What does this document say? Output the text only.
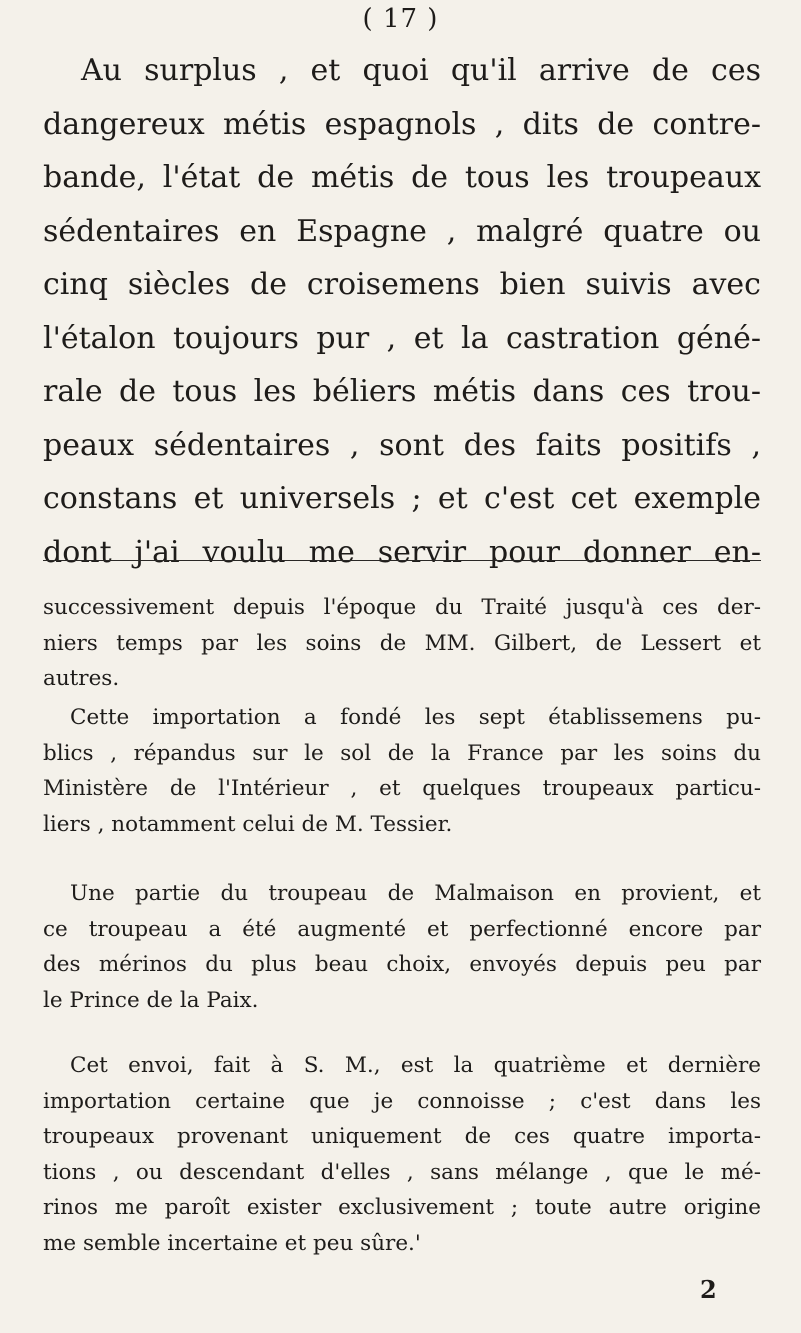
( 17 )
Au surplus , et quoi qu'il arrive de ces
dangereux métis espagnols , dits de contre-
bande, l'état de métis de tous les troupeaux
sédentaires en Espagne , malgré quatre ou
cinq siècles de croisemens bien suivis avec
l'étalon toujours pur , et la castration géné-
rale de tous les béliers métis dans ces trou-
peaux sédentaires , sont des faits positifs ,
constans et universels ; et c'est cet exemple
dont j'ai voulu me servir pour donner en-
successivement depuis l'époque du Traité jusqu'à ces der-
niers temps par les soins de MM. Gilbert, de Lessert et
autres.
Cette importation a fondé les sept établissemens pu-
blics , répandus sur le sol de la France par les soins du
Ministère de l'Intérieur , et quelques troupeaux particu-
liers , notamment celui de M. Tessier.
Une partie du troupeau de Malmaison en provient, et
ce troupeau a été augmenté et perfectionné encore par
des mérinos du plus beau choix, envoyés depuis peu par
le Prince de la Paix.
Cet envoi, fait à S. M., est la quatrième et dernière
importation certaine que je connoisse ; c'est dans les
troupeaux provenant uniquement de ces quatre importa-
tions , ou descendant d'elles , sans mélange , que le mé-
rinos me paroît exister exclusivement ; toute autre origine
me semble incertaine et peu sûre.'
2
